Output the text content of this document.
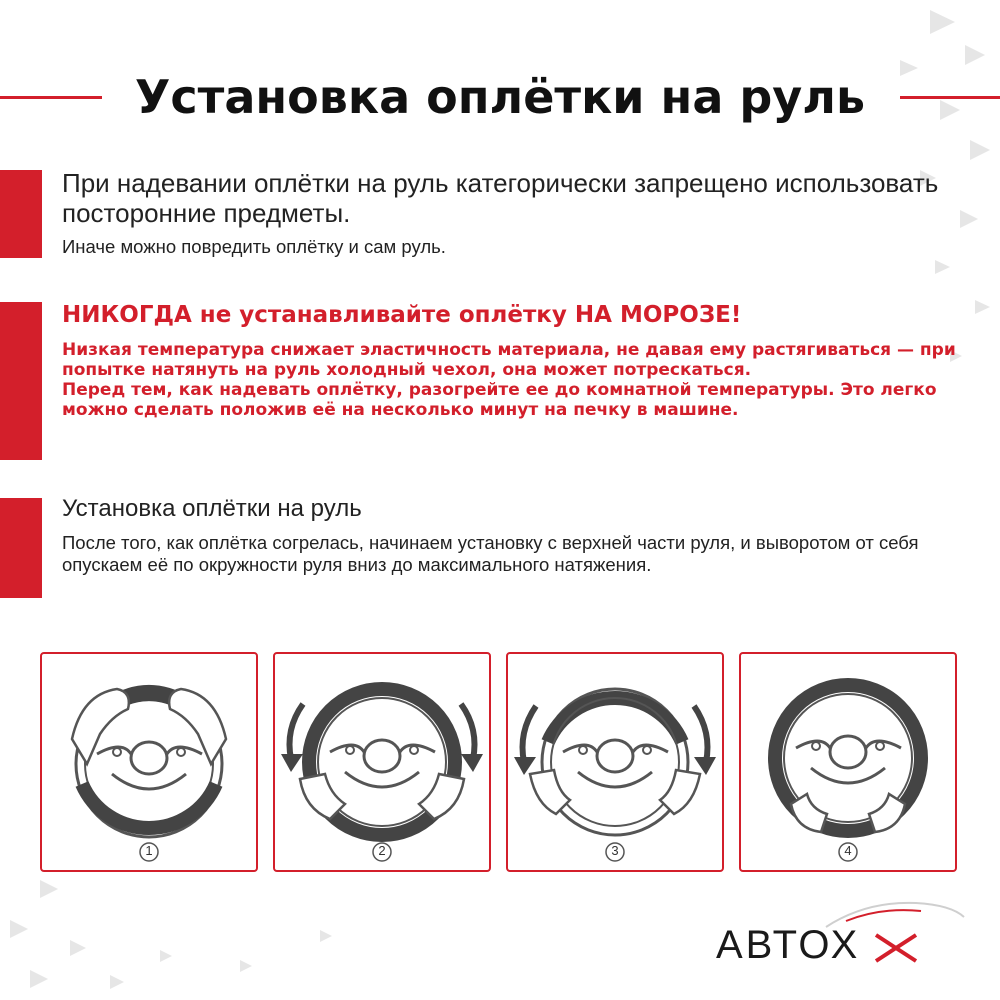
Установка оплётки на руль
При надевании оплётки на руль категорически запрещено использовать посторонние предметы.
Иначе можно повредить оплётку и сам руль.
НИКОГДА не устанавливайте оплётку НА МОРОЗЕ!
Низкая температура снижает эластичность материала, не давая ему растягиваться — при попытке натянуть на руль холодный чехол, она может потрескаться.
Перед тем, как надевать оплётку, разогрейте ее до комнатной температуры. Это легко можно сделать положив её на несколько минут на печку в машине.
Установка оплётки на руль
После того, как оплётка согрелась, начинаем установку с верхней части руля, и выворотом от себя опускаем её по окружности руля вниз до максимального натяжения.
1	2	3	4
АВТОХ
